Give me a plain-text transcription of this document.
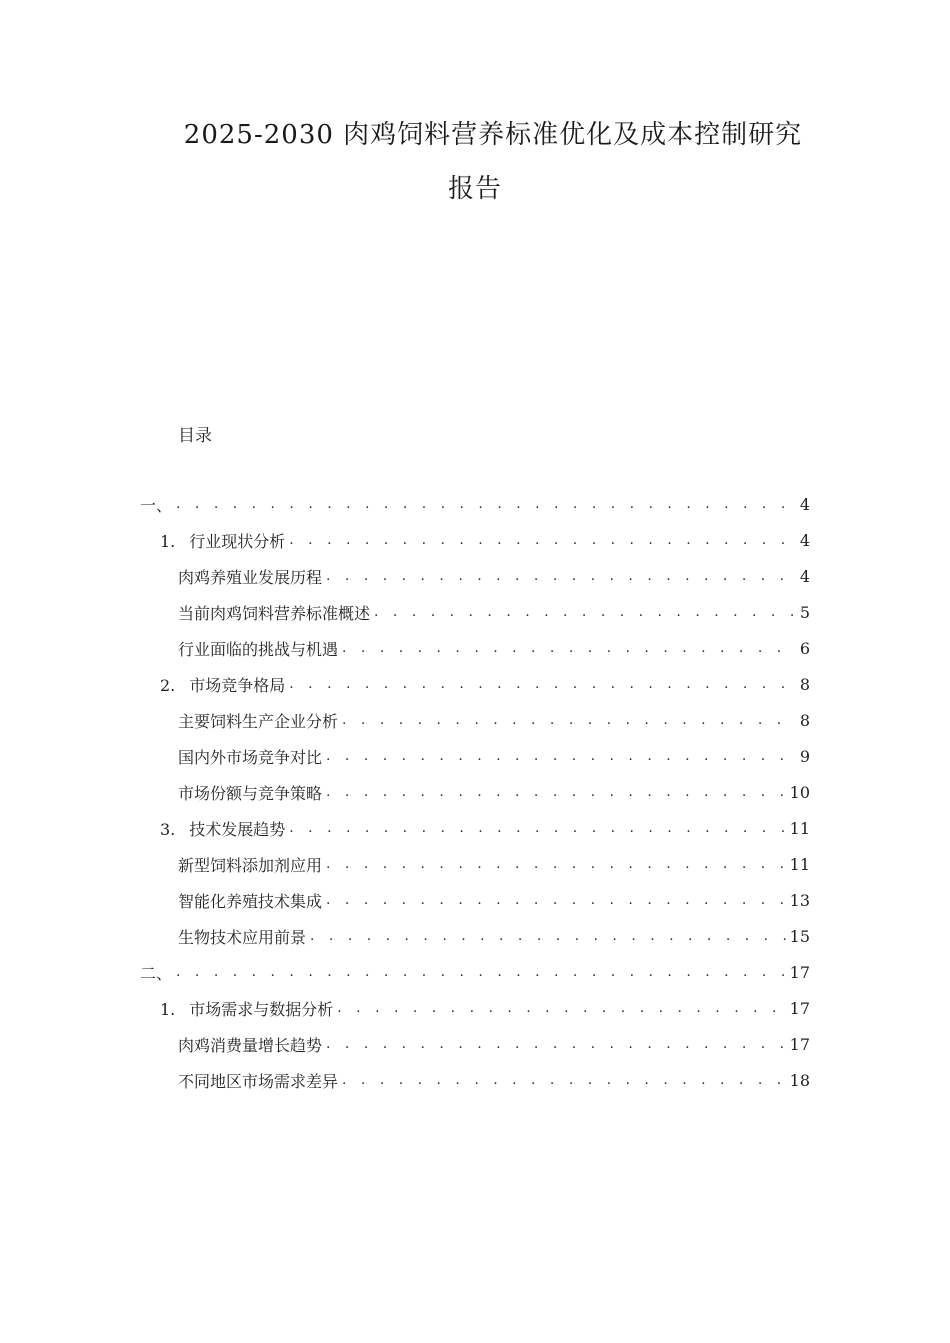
2025-2030 肉鸡饲料营养标准优化及成本控制研究
报告
目录
一、 . . .	4
1. 行业现状分析 . . .	4
肉鸡养殖业发展历程 . . .	4
当前肉鸡饲料营养标准概述 . . .	5
行业面临的挑战与机遇 . . .	6
2. 市场竞争格局 . . .	8
主要饲料生产企业分析 . . .	8
国内外市场竞争对比 . . .	9
市场份额与竞争策略 . . .	10
3. 技术发展趋势 . . .	11
新型饲料添加剂应用 . . .	11
智能化养殖技术集成 . . .	13
生物技术应用前景 . . .	15
二、 . . .	17
1. 市场需求与数据分析 . . .	17
肉鸡消费量增长趋势 . . .	17
不同地区市场需求差异 . . .	18
